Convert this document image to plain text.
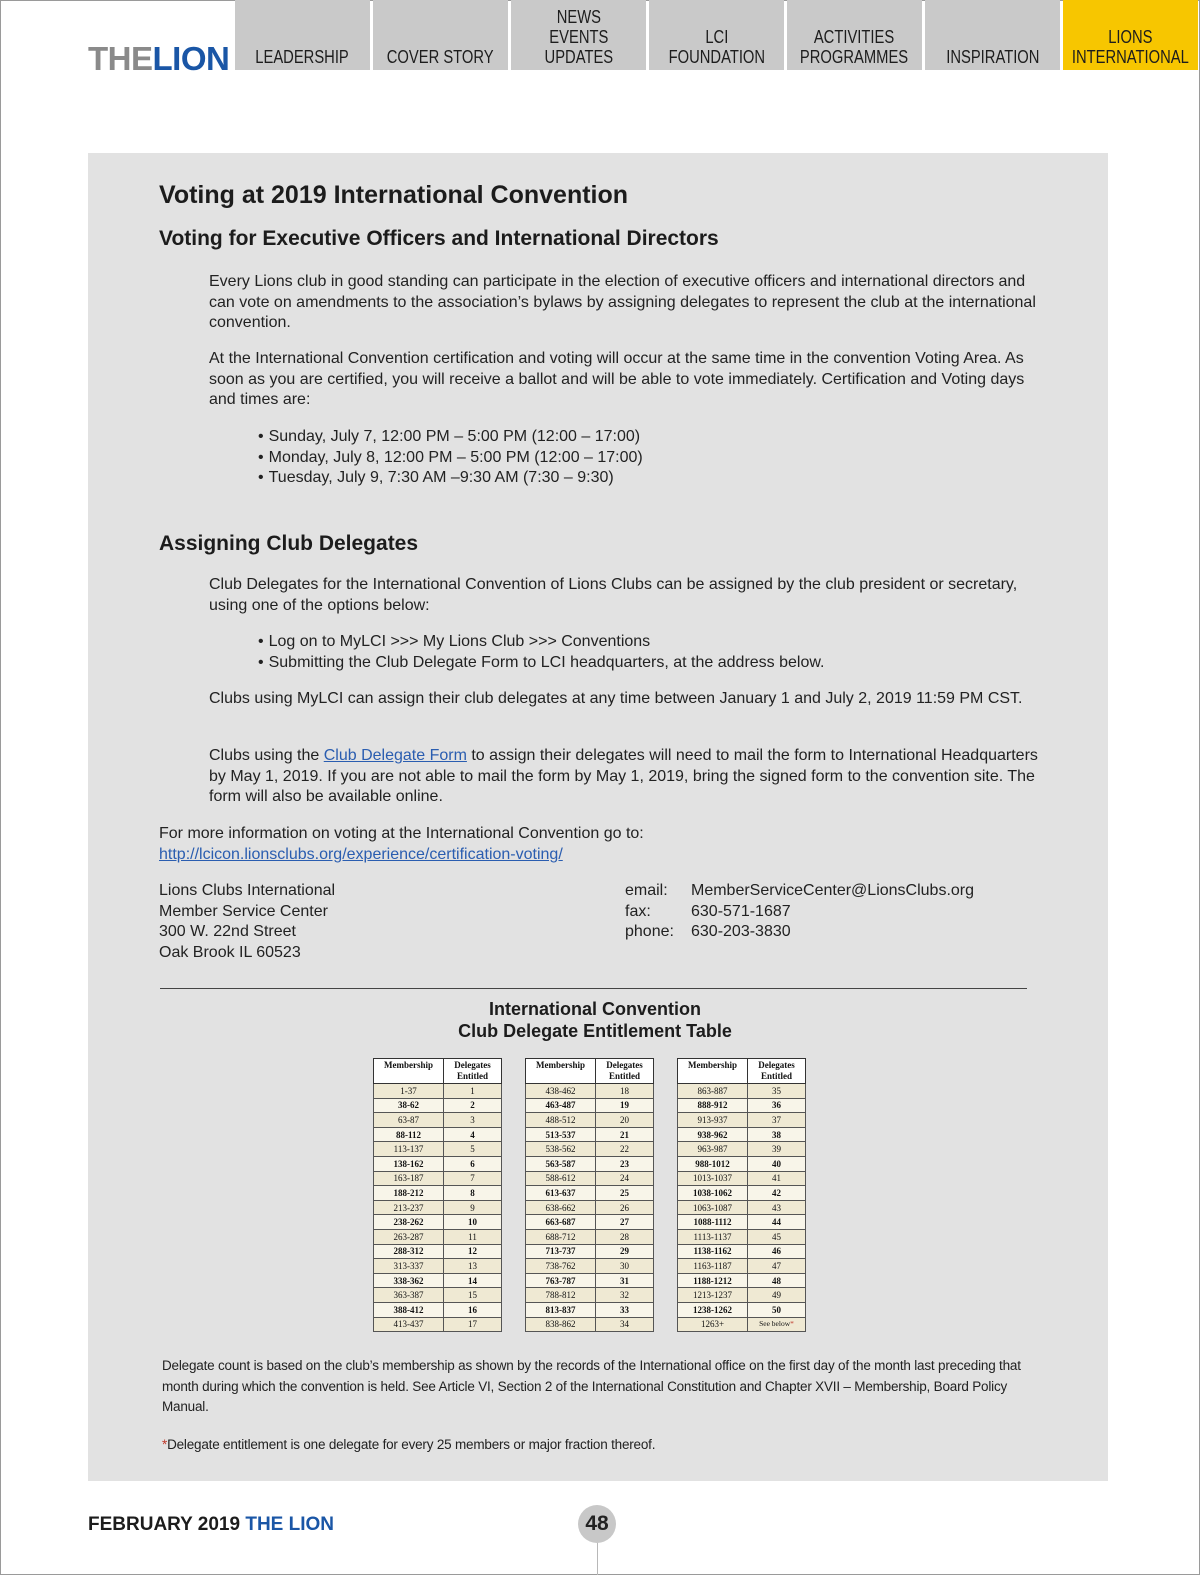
THELION LEADERSHIP COVER STORY
NEWS
EVENTS
UPDATES
LCI
FOUNDATION
ACTIVITIES
PROGRAMMES INSPIRATION
LIONS
INTERNATIONAL
Voting at 2019 International Convention
Voting for Executive Officers and International Directors
Every Lions club in good standing can participate in the election of executive officers and international directors and can vote on amendments to the association’s bylaws by assigning delegates to represent the club at the international convention.
At the International Convention certification and voting will occur at the same time in the convention Voting Area. As soon as you are certified, you will receive a ballot and will be able to vote immediately. Certification and Voting days and times are:
• Sunday, July 7, 12:00 PM – 5:00 PM (12:00 – 17:00)
• Monday, July 8, 12:00 PM – 5:00 PM (12:00 – 17:00)
• Tuesday, July 9, 7:30 AM –9:30 AM (7:30 – 9:30)
Assigning Club Delegates
Club Delegates for the International Convention of Lions Clubs can be assigned by the club president or secretary, using one of the options below:
• Log on to MyLCI >>> My Lions Club >>> Conventions
• Submitting the Club Delegate Form to LCI headquarters, at the address below.
Clubs using MyLCI can assign their club delegates at any time between January 1 and July 2, 2019 11:59 PM CST.
Clubs using the Club Delegate Form to assign their delegates will need to mail the form to International Headquarters by May 1, 2019. If you are not able to mail the form by May 1, 2019, bring the signed form to the convention site. The form will also be available online.
For more information on voting at the International Convention go to:
http://lcicon.lionsclubs.org/experience/certification-voting/
Lions Clubs International
Member Service Center
300 W. 22nd Street
Oak Brook IL 60523
email: MemberServiceCenter@LionsClubs.org
fax:	630-571-1687
phone: 630-203-3830
International Convention
Club Delegate Entitlement Table
Membership	Delegates
Entitled
1-37	1
38-62	2
63-87	3
88-112	4
113-137	5
138-162	6
163-187	7
188-212	8
213-237	9
238-262	10
263-287	11
288-312	12
313-337	13
338-362	14
363-387	15
388-412	16
413-437	17
Membership	Delegates
Entitled
438-462	18
463-487	19
488-512	20
513-537	21
538-562	22
563-587	23
588-612	24
613-637	25
638-662	26
663-687	27
688-712	28
713-737	29
738-762	30
763-787	31
788-812	32
813-837	33
838-862	34
Membership	Delegates
Entitled
863-887	35
888-912	36
913-937	37
938-962	38
963-987	39
988-1012	40
1013-1037	41
1038-1062	42
1063-1087	43
1088-1112	44
1113-1137	45
1138-1162	46
1163-1187	47
1188-1212	48
1213-1237	49
1238-1262	50
1263+	See below*
Delegate count is based on the club’s membership as shown by the records of the International office on the first day of the month last preceding that month during which the convention is held. See Article VI, Section 2 of the International Constitution and Chapter XVII – Membership, Board Policy Manual.
*Delegate entitlement is one delegate for every 25 members or major fraction thereof.
FEBRUARY 2019 THE LION	48
